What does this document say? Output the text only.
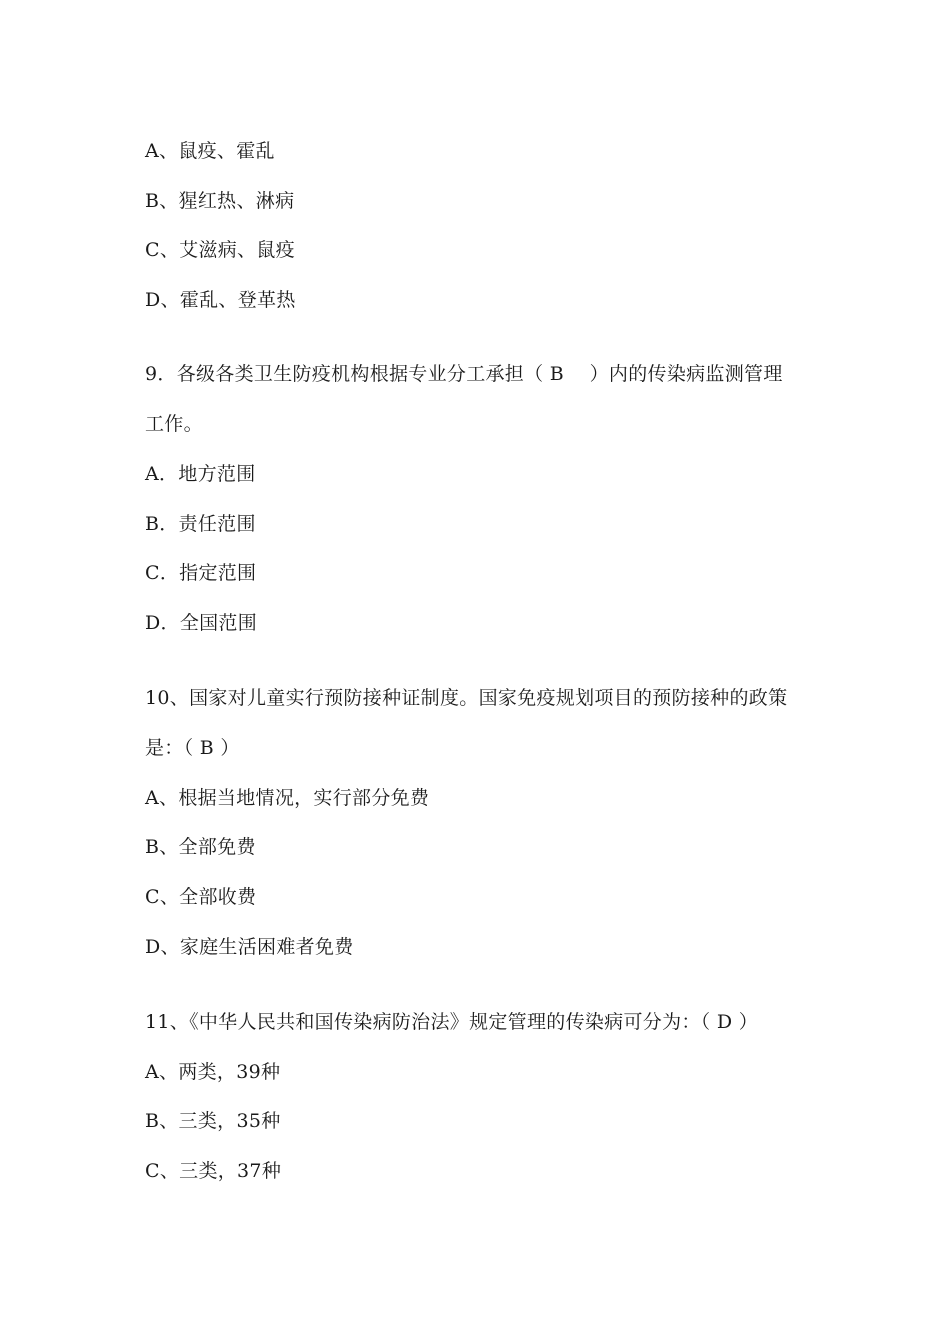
A、鼠疫、霍乱
B、猩红热、淋病
C、艾滋病、鼠疫
D、霍乱、登革热
9．各级各类卫生防疫机构根据专业分工承担（ B　 ）内的传染病监测管理
工作。
A．地方范围
B．责任范围
C．指定范围
D．全国范围
10、国家对儿童实行预防接种证制度。国家免疫规划项目的预防接种的政策
是：（ B ）
A、根据当地情况，实行部分免费
B、全部免费
C、全部收费
D、家庭生活困难者免费
11、《中华人民共和国传染病防治法》规定管理的传染病可分为：（ D ）
A、两类，39种
B、三类，35种
C、三类，37种
